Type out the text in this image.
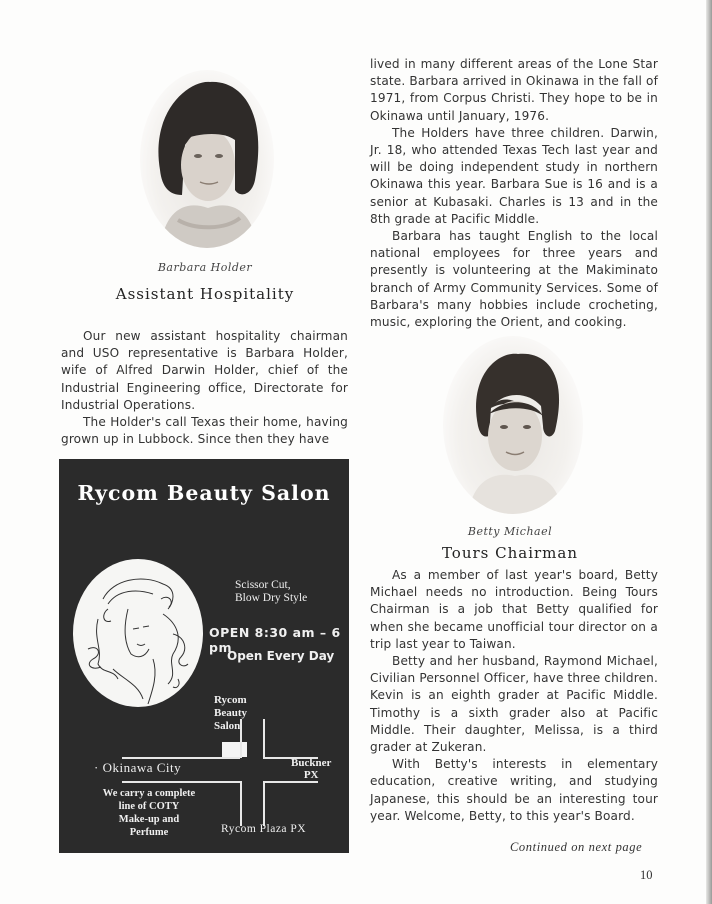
Barbara Holder
Assistant Hospitality

Our new assistant hospitality chairman and USO representative is Barbara Holder, wife of Alfred Darwin Holder, chief of the Industrial Engineering office, Directorate for Industrial Operations.

The Holder's call Texas their home, having grown up in Lubbock. Since then they have

Rycom Beauty Salon
Scissor Cut,
Blow Dry Style
OPEN 8:30 am – 6 pm
Open Every Day
Rycom
Beauty
Salon
· Okinawa City	Buckner
PX
Rycom Plaza PX
We carry a complete
line of COTY
Make-up and
Perfume

lived in many different areas of the Lone Star state. Barbara arrived in Okinawa in the fall of 1971, from Corpus Christi. They hope to be in Okinawa until January, 1976.

The Holders have three children. Darwin, Jr. 18, who attended Texas Tech last year and will be doing independent study in northern Okinawa this year. Barbara Sue is 16 and is a senior at Kubasaki. Charles is 13 and in the 8th grade at Pacific Middle.

Barbara has taught English to the local national employees for three years and presently is volunteering at the Makiminato branch of Army Community Services. Some of Barbara's many hobbies include crocheting, music, exploring the Orient, and cooking.

Betty Michael
Tours Chairman

As a member of last year's board, Betty Michael needs no introduction. Being Tours Chairman is a job that Betty qualified for when she became unofficial tour director on a trip last year to Taiwan.

Betty and her husband, Raymond Michael, Civilian Personnel Officer, have three children. Kevin is an eighth grader at Pacific Middle. Timothy is a sixth grader also at Pacific Middle. Their daughter, Melissa, is a third grader at Zukeran.

With Betty's interests in elementary education, creative writing, and studying Japanese, this should be an interesting tour year. Welcome, Betty, to this year's Board.

Continued on next page
10
